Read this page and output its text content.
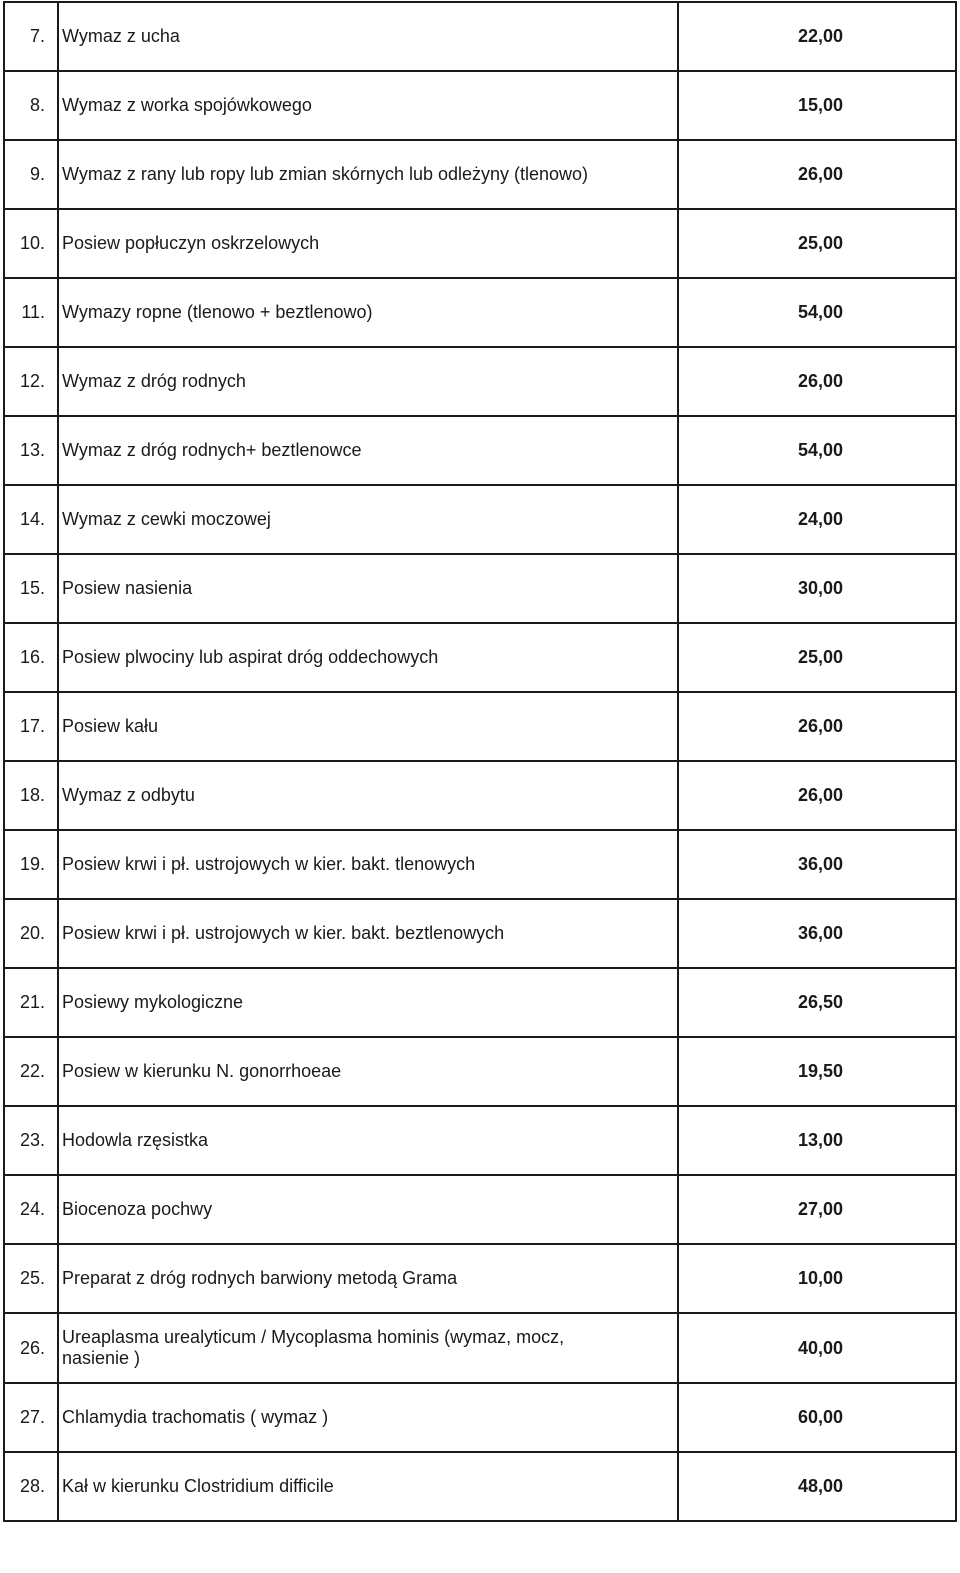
7.	Wymaz z ucha	22,00
8.	Wymaz z worka spojówkowego	15,00
9.	Wymaz z rany lub ropy lub zmian skórnych lub odleżyny (tlenowo)	26,00
10.	Posiew popłuczyn oskrzelowych	25,00
11.	Wymazy ropne (tlenowo + beztlenowo)	54,00
12.	Wymaz z dróg rodnych	26,00
13.	Wymaz z dróg rodnych+ beztlenowce	54,00
14.	Wymaz z cewki moczowej	24,00
15.	Posiew nasienia	30,00
16.	Posiew plwociny lub aspirat dróg oddechowych	25,00
17.	Posiew kału	26,00
18.	Wymaz z odbytu	26,00
19.	Posiew krwi i pł. ustrojowych w kier. bakt. tlenowych	36,00
20.	Posiew krwi i pł. ustrojowych w kier. bakt. beztlenowych	36,00
21.	Posiewy mykologiczne	26,50
22.	Posiew w kierunku N. gonorrhoeae	19,50
23.	Hodowla rzęsistka	13,00
24.	Biocenoza pochwy	27,00
25.	Preparat z dróg rodnych barwiony metodą Grama	10,00
26.	Ureaplasma urealyticum / Mycoplasma hominis (wymaz, mocz, nasienie )	40,00
27.	Chlamydia trachomatis ( wymaz )	60,00
28.	Kał w kierunku Clostridium difficile	48,00
